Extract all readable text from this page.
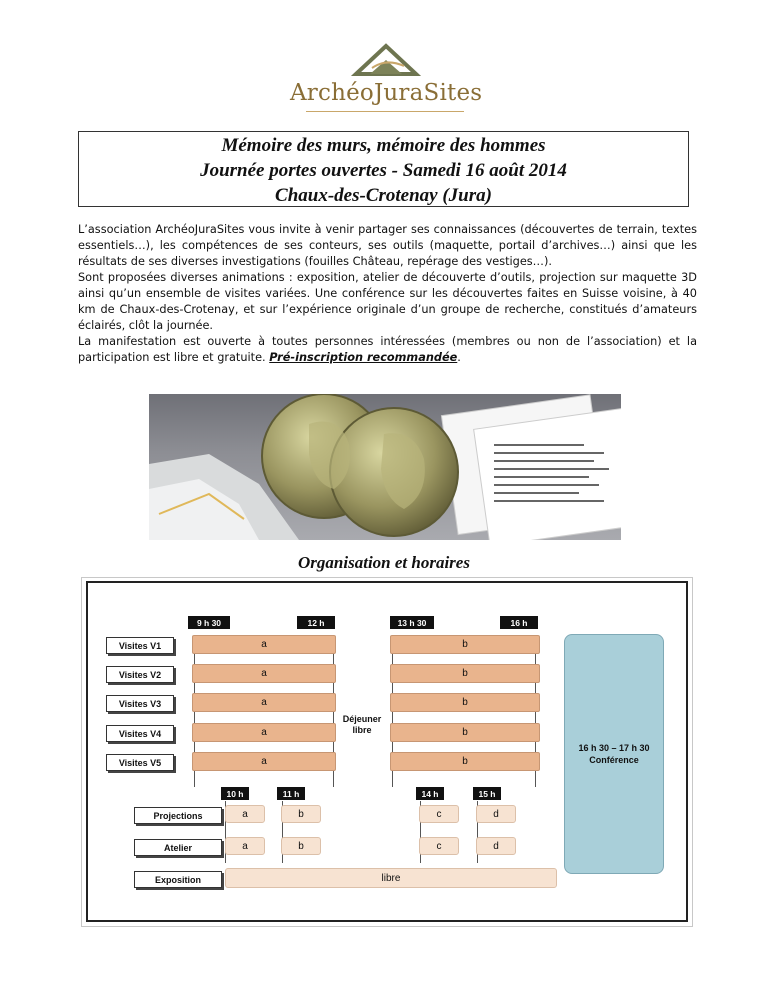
ArchéoJuraSites
Mémoire des murs, mémoire des hommes
Journée portes ouvertes - Samedi 16 août 2014
Chaux-des-Crotenay (Jura)

L’association ArchéoJuraSites vous invite à venir partager ses connaissances (découvertes de terrain, textes essentiels…), les compétences de ses conteurs, ses outils (maquette, portail d’archives…) ainsi que les résultats de ses diverses investigations (fouilles Château, repérage des vestiges…).

Sont proposées diverses animations : exposition, atelier de découverte d’outils, projection sur maquette 3D ainsi qu’un ensemble de visites variées. Une conférence sur les découvertes faites en Suisse voisine, à 40 km de Chaux-des-Crotenay, et sur l’expérience originale d’un groupe de recherche, constitués d’amateurs éclairés, clôt la journée.

La manifestation est ouverte à toutes personnes intéressées (membres ou non de l’association) et la participation est libre et gratuite. Pré-inscription recommandée.

Organisation et horaires
9 h 30	12 h	13 h 30	16 h
Visites V1	a	b
Visites V2	a	b
Visites V3	a	b
Visites V4	a	b
Visites V5	a	b
Déjeuner
libre
16 h 30 – 17 h 30
Conférence
10 h	11 h	14 h	15 h
Projections	a	b	c	d
Atelier	a	b	c	d
Exposition	libre
